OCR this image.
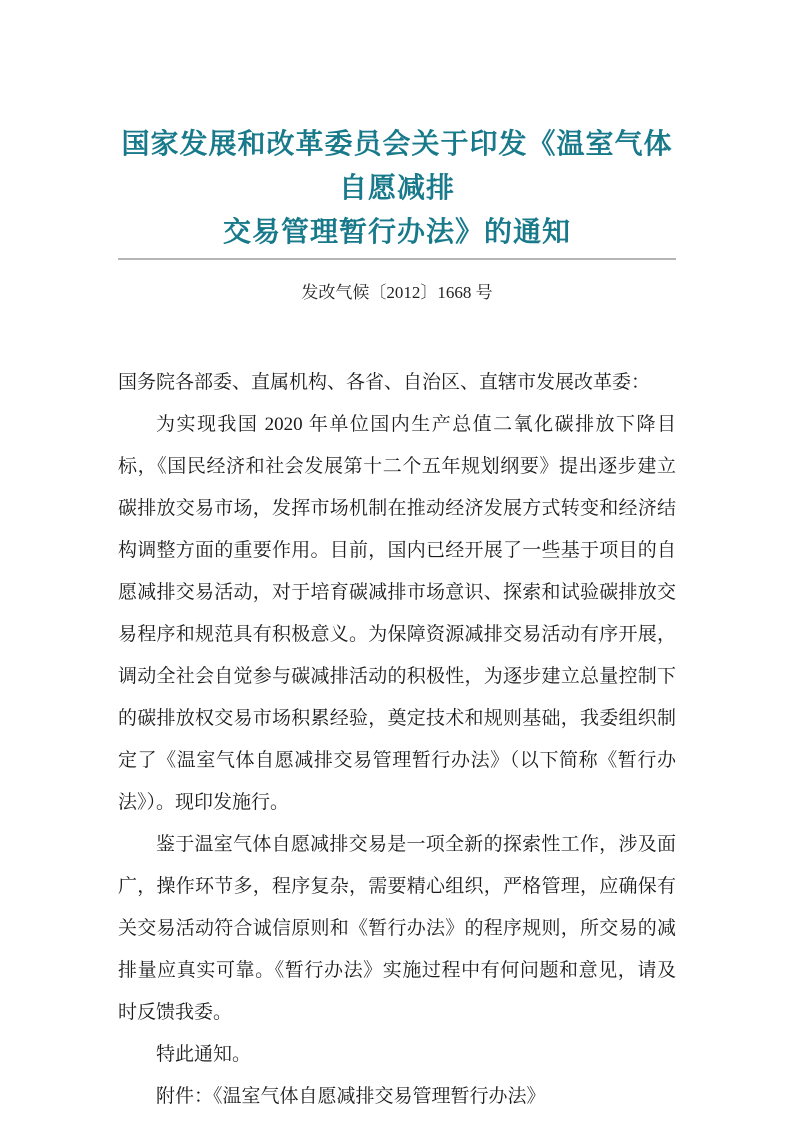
国家发展和改革委员会关于印发《温室气体自愿减排
交易管理暂行办法》的通知
发改气候〔2012〕1668 号

国务院各部委、直属机构、各省、自治区、直辖市发展改革委：

为实现我国 2020 年单位国内生产总值二氧化碳排放下降目标，《国民经济和社会发展第十二个五年规划纲要》提出逐步建立碳排放交易市场，发挥市场机制在推动经济发展方式转变和经济结构调整方面的重要作用。目前，国内已经开展了一些基于项目的自愿减排交易活动，对于培育碳减排市场意识、探索和试验碳排放交易程序和规范具有积极意义。为保障资源减排交易活动有序开展，调动全社会自觉参与碳减排活动的积极性，为逐步建立总量控制下的碳排放权交易市场积累经验，奠定技术和规则基础，我委组织制定了《温室气体自愿减排交易管理暂行办法》（以下简称《暂行办法》）。现印发施行。

鉴于温室气体自愿减排交易是一项全新的探索性工作，涉及面广，操作环节多，程序复杂，需要精心组织，严格管理，应确保有关交易活动符合诚信原则和《暂行办法》的程序规则，所交易的减排量应真实可靠。《暂行办法》实施过程中有何问题和意见，请及时反馈我委。

特此通知。

附件：《温室气体自愿减排交易管理暂行办法》
